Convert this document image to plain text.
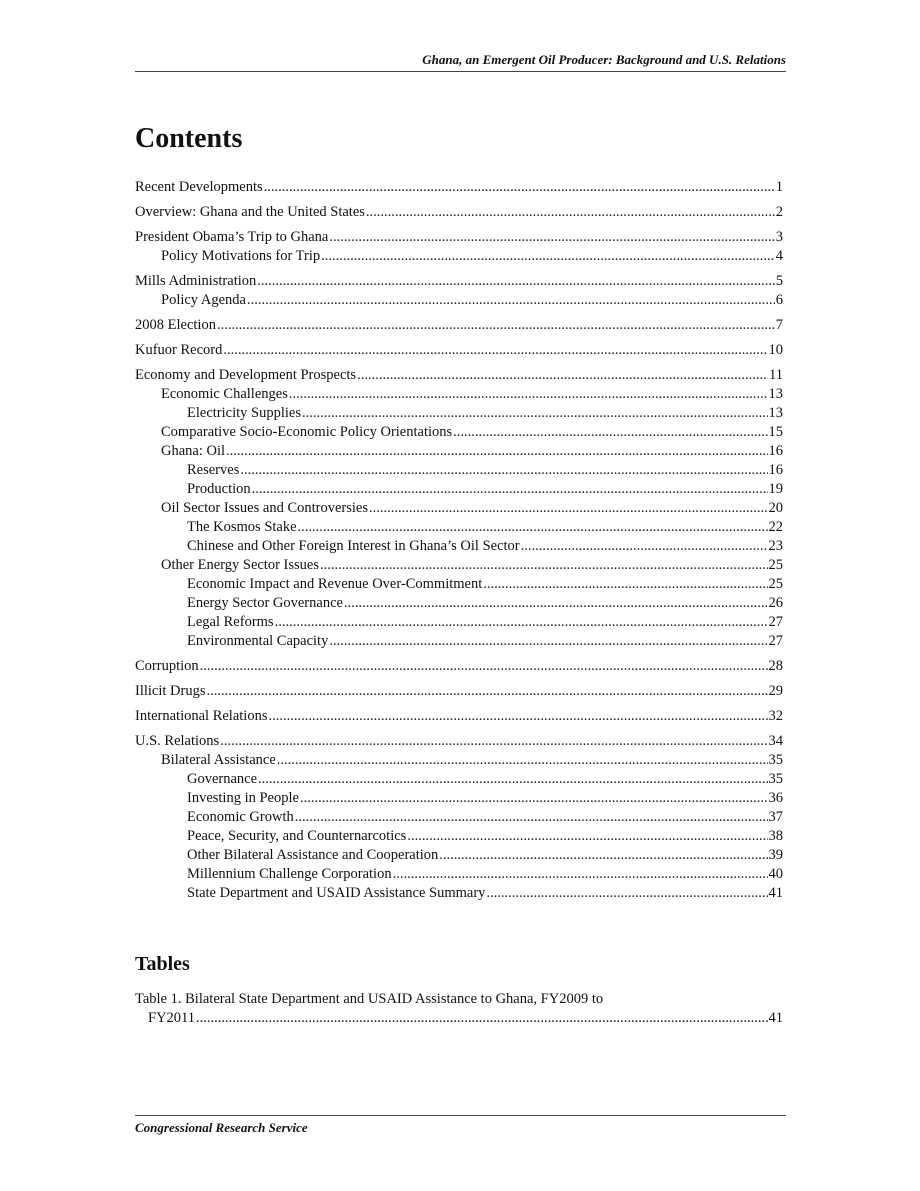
Ghana, an Emergent Oil Producer: Background and U.S. Relations
Contents
Recent Developments .....	1
Overview: Ghana and the United States .....	2
President Obama’s Trip to Ghana .....	3
Policy Motivations for Trip .....	4
Mills Administration .....	5
Policy Agenda .....	6
2008 Election .....	7
Kufuor Record .....	10
Economy and Development Prospects .....	11
Economic Challenges .....	13
Electricity Supplies .....	13
Comparative Socio-Economic Policy Orientations .....	15
Ghana: Oil .....	16
Reserves .....	16
Production .....	19
Oil Sector Issues and Controversies .....	20
The Kosmos Stake .....	22
Chinese and Other Foreign Interest in Ghana’s Oil Sector .....	23
Other Energy Sector Issues .....	25
Economic Impact and Revenue Over-Commitment .....	25
Energy Sector Governance .....	26
Legal Reforms .....	27
Environmental Capacity .....	27
Corruption .....	28
Illicit Drugs .....	29
International Relations .....	32
U.S. Relations .....	34
Bilateral Assistance .....	35
Governance .....	35
Investing in People .....	36
Economic Growth .....	37
Peace, Security, and Counternarcotics .....	38
Other Bilateral Assistance and Cooperation .....	39
Millennium Challenge Corporation .....	40
State Department and USAID Assistance Summary .....	41
Tables
Table 1. Bilateral State Department and USAID Assistance to Ghana, FY2009 to
FY2011 .....	41
Congressional Research Service
